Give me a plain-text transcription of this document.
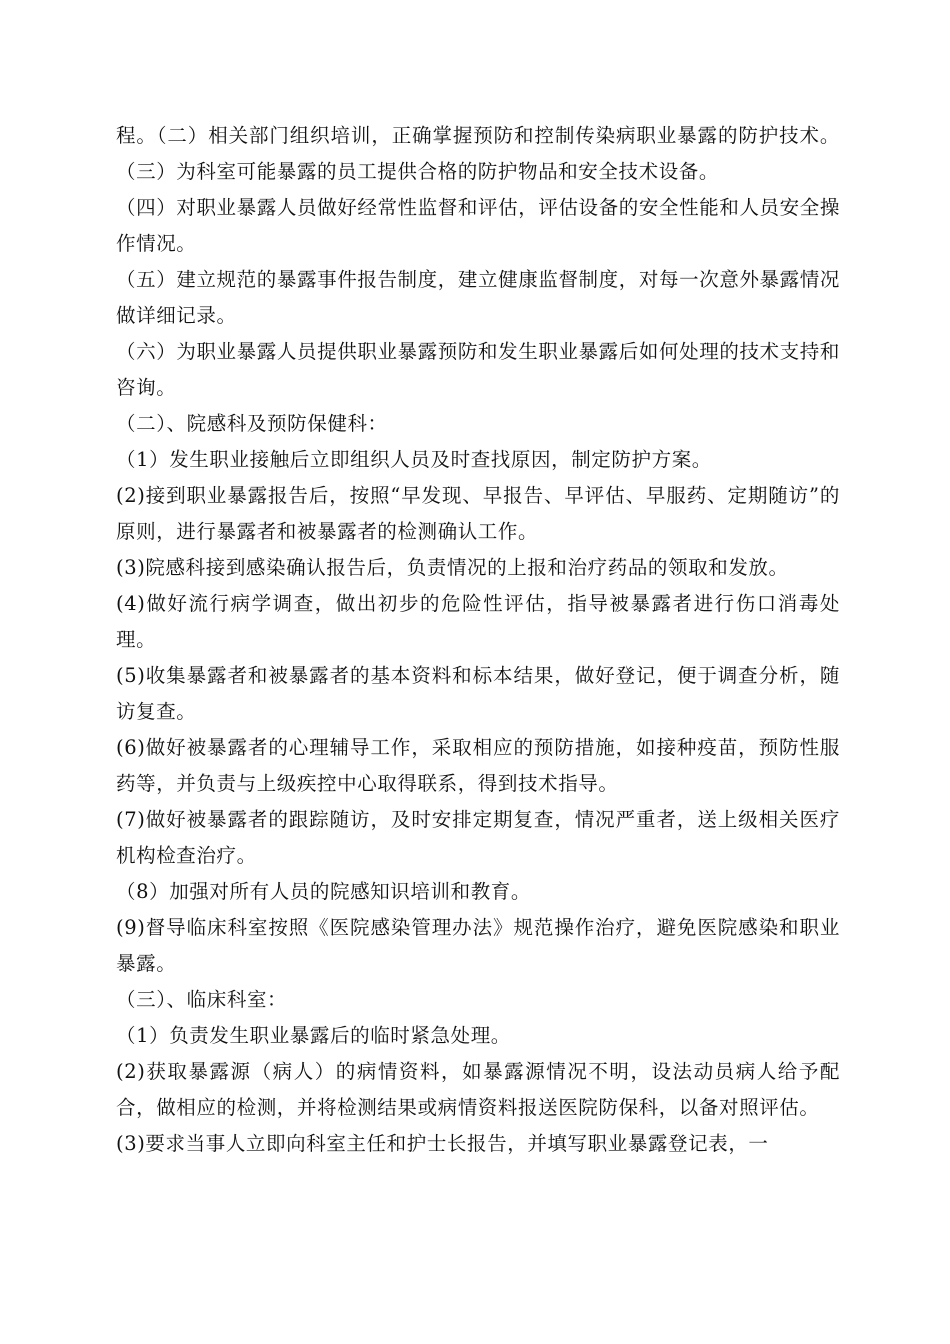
程。（二）相关部门组织培训，正确掌握预防和控制传染病职业暴露的防护技术。（三）为科室可能暴露的员工提供合格的防护物品和安全技术设备。

（四）对职业暴露人员做好经常性监督和评估，评估设备的安全性能和人员安全操作情况。

（五）建立规范的暴露事件报告制度，建立健康监督制度，对每一次意外暴露情况做详细记录。

（六）为职业暴露人员提供职业暴露预防和发生职业暴露后如何处理的技术支持和咨询。

（二）、院感科及预防保健科：

（1）发生职业接触后立即组织人员及时查找原因，制定防护方案。

(2)接到职业暴露报告后，按照“早发现、早报告、早评估、早服药、定期随访”的原则，进行暴露者和被暴露者的检测确认工作。

(3)院感科接到感染确认报告后，负责情况的上报和治疗药品的领取和发放。

(4)做好流行病学调查，做出初步的危险性评估，指导被暴露者进行伤口消毒处理。

(5)收集暴露者和被暴露者的基本资料和标本结果，做好登记，便于调查分析，随访复查。

(6)做好被暴露者的心理辅导工作，采取相应的预防措施，如接种疫苗，预防性服药等，并负责与上级疾控中心取得联系，得到技术指导。

(7)做好被暴露者的跟踪随访，及时安排定期复查，情况严重者，送上级相关医疗机构检查治疗。

（8）加强对所有人员的院感知识培训和教育。

(9)督导临床科室按照《医院感染管理办法》规范操作治疗，避免医院感染和职业暴露。

（三）、临床科室：

（1）负责发生职业暴露后的临时紧急处理。

(2)获取暴露源（病人）的病情资料，如暴露源情况不明，设法动员病人给予配合，做相应的检测，并将检测结果或病情资料报送医院防保科，以备对照评估。

(3)要求当事人立即向科室主任和护士长报告，并填写职业暴露登记表，一
